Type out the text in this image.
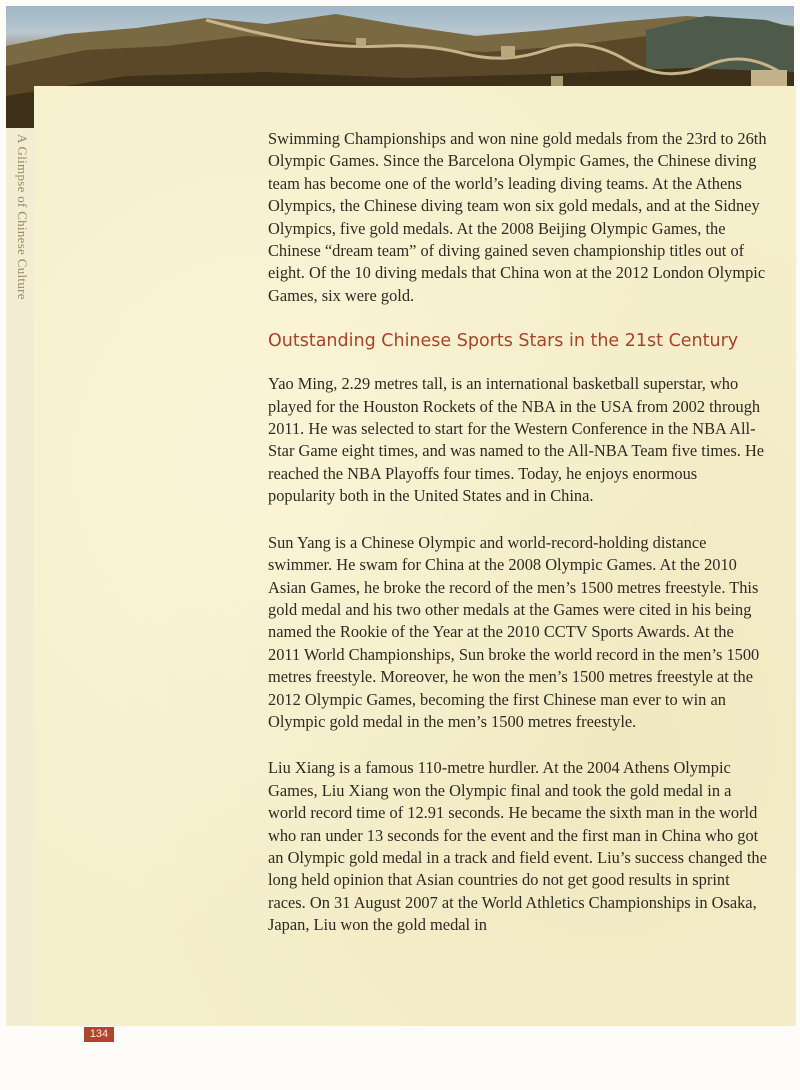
A Glimpse of Chinese Culture	Swimming Championships and won nine gold medals from the 23rd to 26th Olympic Games. Since the Barcelona Olympic Games, the Chinese diving team has become one of the world’s leading diving teams. At the Athens Olympics, the Chinese diving team won six gold medals, and at the Sidney Olympics, five gold medals. At the 2008 Beijing Olympic Games, the Chinese “dream team” of diving gained seven championship titles out of eight. Of the 10 diving medals that China won at the 2012 London Olympic Games, six were gold.

Outstanding Chinese Sports Stars in the 21st Century

Yao Ming, 2.29 metres tall, is an international basketball superstar, who played for the Houston Rockets of the NBA in the USA from 2002 through 2011. He was selected to start for the Western Conference in the NBA All-Star Game eight times, and was named to the All-NBA Team five times. He reached the NBA Playoffs four times. Today, he enjoys enormous popularity both in the United States and in China.

Sun Yang is a Chinese Olympic and world-record-holding distance swimmer. He swam for China at the 2008 Olympic Games. At the 2010 Asian Games, he broke the record of the men’s 1500 metres freestyle. This gold medal and his two other medals at the Games were cited in his being named the Rookie of the Year at the 2010 CCTV Sports Awards. At the 2011 World Championships, Sun broke the world record in the men’s 1500 metres freestyle. Moreover, he won the men’s 1500 metres freestyle at the 2012 Olympic Games, becoming the first Chinese man ever to win an Olympic gold medal in the men’s 1500 metres freestyle.

Liu Xiang is a famous 110-metre hurdler. At the 2004 Athens Olympic Games, Liu Xiang won the Olympic final and took the gold medal in a world record time of 12.91 seconds. He became the sixth man in the world who ran under 13 seconds for the event and the first man in China who got an Olympic gold medal in a track and field event. Liu’s success changed the long held opinion that Asian countries do not get good results in sprint races. On 31 August 2007 at the World Athletics Championships in Osaka, Japan, Liu won the gold medal in

134
